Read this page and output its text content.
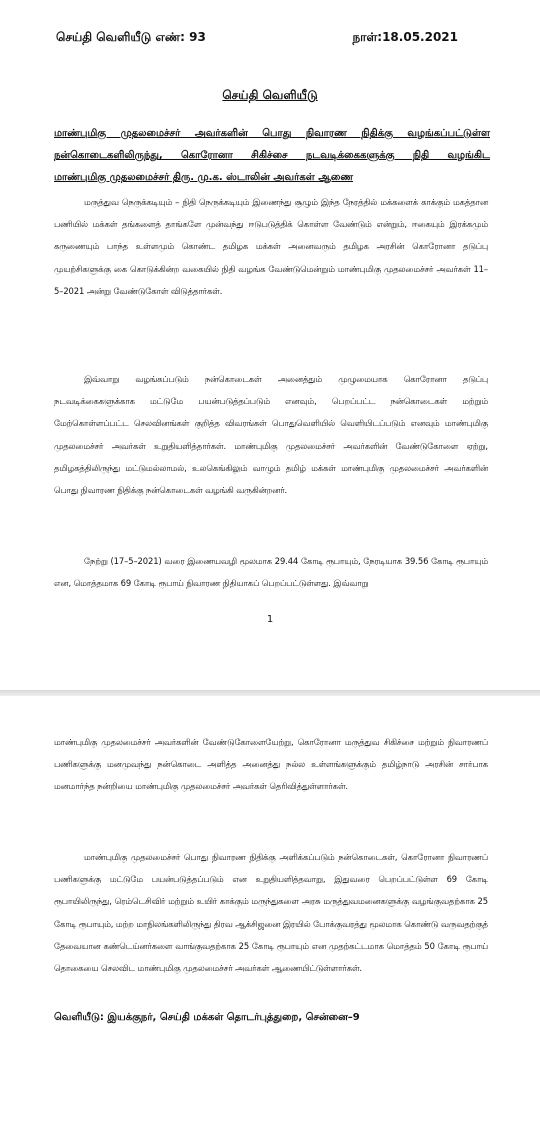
செய்தி வெளியீடு எண்: 93	நாள்:18.05.2021
செய்தி வெளியீடு
மாண்புமிகு முதலமைச்சர் அவர்களின் பொது நிவாரண நிதிக்கு வழங்கப்பட்டுள்ள
நன்கொடைகளிலிருந்து, கொரோனா சிகிச்சை நடவடிக்கைகளுக்கு நிதி வழங்கிட
மாண்புமிகு முதலமைச்சர் திரு. மு.க. ஸ்டாலின் அவர்கள் ஆணை

மருத்துவ நெருக்கடியும் – நிதி நெருக்கடியும் இணைந்து சூழும் இந்த நேரத்தில் மக்களைக் காக்கும் மகத்தான பணியில் மக்கள் தங்களைத் தாங்களே முன்வந்து ஈடுபடுத்திக் கொள்ள வேண்டும் என்றும், ஈகையும் இரக்கமும் கருணையும் பாந்த உள்ளமும் கொண்ட தமிழக மக்கள் அனைவரும் தமிழக அரசின் கொரோனா தடுப்பு முயற்சிகளுக்கு கை கொடுக்கின்ற வகையில் நிதி வழங்க வேண்டுமென்றும் மாண்புமிகு முதலமைச்சர் அவர்கள் 11–5–2021 அன்று வேண்டுகோள் விடுத்தார்கள்.

இவ்வாறு வழங்கப்படும் நன்கொடைகள் அனைத்தும் முழுமையாக கொரோனா தடுப்பு நடவடிக்கைகளுக்காக மட்டுமே பயன்படுத்தப்படும் எனவும், பெறப்பட்ட நன்கொடைகள் மற்றும் மேற்கொள்ளப்பட்ட செலவினங்கள் குறித்த விவரங்கள் பொதுவெளியில் வெளியிடப்படும் எனவும் மாண்புமிகு முதலமைச்சர் அவர்கள் உறுதியளித்தார்கள். மாண்புமிகு முதலமைச்சர் அவர்களின் வேண்டுகோளை ஏற்று, தமிழகத்திலிருந்து மட்டுமல்லாமல், உலகெங்கிலும் வாழும் தமிழ் மக்கள் மாண்புமிகு முதலமைச்சர் அவர்களின் பொது நிவாரண நிதிக்கு நன்கொடைகள் வழங்கி வருகின்றனர்.

நேற்று (17–5–2021) வரை இணையவழி மூலமாக 29.44 கோடி ரூபாயும், நேரடியாக 39.56 கோடி ரூபாயும் என, மொத்தமாக 69 கோடி ரூபாய் நிவாரண நிதியாகப் பெறப்பட்டுள்ளது. இவ்வாறு

1

மாண்புமிகு முதலமைச்சர் அவர்களின் வேண்டுகோளையேற்று, கொரோனா மருத்துவ சிகிச்சை மற்றும் நிவாரணப் பணிகளுக்கு மனமுவந்து நன்கொடை அளித்த அனைத்து நல்ல உள்ளங்களுக்கும் தமிழ்நாடு அரசின் சார்பாக மனமார்ந்த நன்றியை மாண்புமிகு முதலமைச்சர் அவர்கள் தெரிவித்துள்ளார்கள்.

மாண்புமிகு முதலமைச்சர் பொது நிவாரண நிதிக்கு அளிக்கப்படும் நன்கொடைகள், கொரோனா நிவாரணப் பணிகளுக்கு மட்டுமே பயன்படுத்தப்படும் என உறுதியளித்தவாறு, இதுவரை பெறப்பட்டுள்ள 69 கோடி ரூபாயிலிருந்து, ரெம்டெசிவிர் மற்றும் உயிர் காக்கும் மருந்துகளை அரசு மருத்துவமனைகளுக்கு வழங்குவதற்காக 25 கோடி ரூபாயும், மற்ற மாநிலங்களிலிருந்து திரவ ஆக்சிஜனை இரயில் போக்குவரத்து மூலமாக கொண்டு வருவதற்குத் தேவையான கண்டெய்னர்களை வாங்குவதற்காக 25 கோடி ரூபாயும் என முதற்கட்டமாக மொத்தம் 50 கோடி ரூபாய் தொகையை செலவிட மாண்புமிகு முதலமைச்சர் அவர்கள் ஆணையிட்டுள்ளார்கள்.

வெளியீடு: இயக்குநர், செய்தி மக்கள் தொடர்புத்துறை, சென்னை–9
